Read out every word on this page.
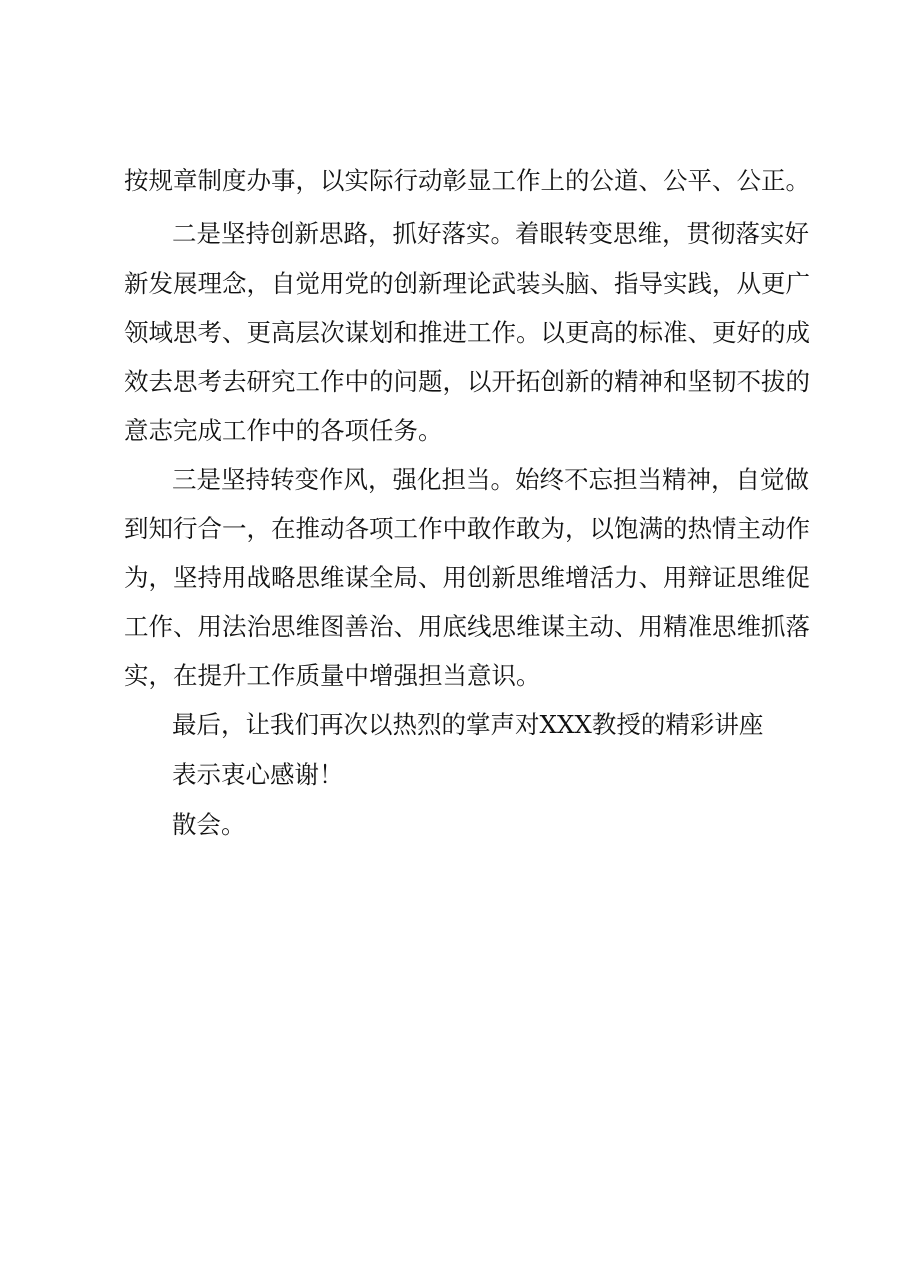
按规章制度办事，以实际行动彰显工作上的公道、公平、公正。
二是坚持创新思路，抓好落实。着眼转变思维，贯彻落实好
新发展理念，自觉用党的创新理论武装头脑、指导实践，从更广
领域思考、更高层次谋划和推进工作。以更高的标准、更好的成
效去思考去研究工作中的问题，以开拓创新的精神和坚韧不拔的
意志完成工作中的各项任务。
三是坚持转变作风，强化担当。始终不忘担当精神，自觉做
到知行合一，在推动各项工作中敢作敢为，以饱满的热情主动作
为，坚持用战略思维谋全局、用创新思维增活力、用辩证思维促
工作、用法治思维图善治、用底线思维谋主动、用精准思维抓落
实，在提升工作质量中增强担当意识。
最后，让我们再次以热烈的掌声对XXX教授的精彩讲座
表示衷心感谢！
散会。
